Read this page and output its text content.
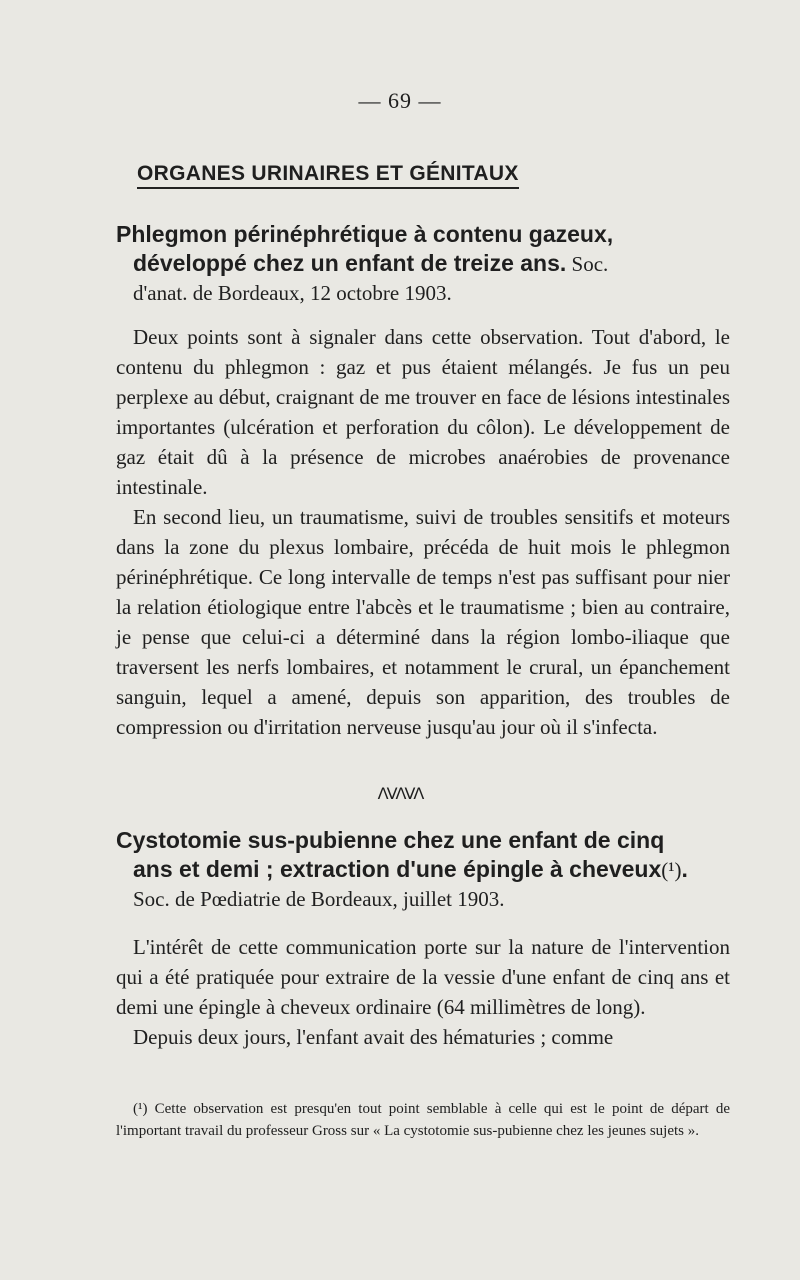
— 69 —
ORGANES URINAIRES ET GÉNITAUX
Phlegmon périnéphrétique à contenu gazeux,
développé chez un enfant de treize ans. Soc.
d'anat. de Bordeaux, 12 octobre 1903.
Deux points sont à signaler dans cette observation. Tout d'abord, le contenu du phlegmon : gaz et pus étaient mélangés. Je fus un peu perplexe au début, craignant de me trouver en face de lésions intestinales importantes (ulcération et perforation du côlon). Le développement de gaz était dû à la présence de microbes anaérobies de provenance intestinale.
En second lieu, un traumatisme, suivi de troubles sensitifs et moteurs dans la zone du plexus lombaire, précéda de huit mois le phlegmon périnéphrétique. Ce long intervalle de temps n'est pas suffisant pour nier la relation étiologique entre l'abcès et le traumatisme ; bien au contraire, je pense que celui-ci a déterminé dans la région lombo-iliaque que traversent les nerfs lombaires, et notamment le crural, un épanchement sanguin, lequel a amené, depuis son apparition, des troubles de compression ou d'irritation nerveuse jusqu'au jour où il s'infecta.
ᐱᐯᐱᐯᐱ
Cystotomie sus-pubienne chez une enfant de cinq
ans et demi ; extraction d'une épingle à cheveux(¹).
Soc. de Pœdiatrie de Bordeaux, juillet 1903.
L'intérêt de cette communication porte sur la nature de l'intervention qui a été pratiquée pour extraire de la vessie d'une enfant de cinq ans et demi une épingle à cheveux ordinaire (64 millimètres de long).
Depuis deux jours, l'enfant avait des hématuries ; comme
(¹) Cette observation est presqu'en tout point semblable à celle qui est le point de départ de l'important travail du professeur Gross sur « La cystotomie sus-pubienne chez les jeunes sujets ».
